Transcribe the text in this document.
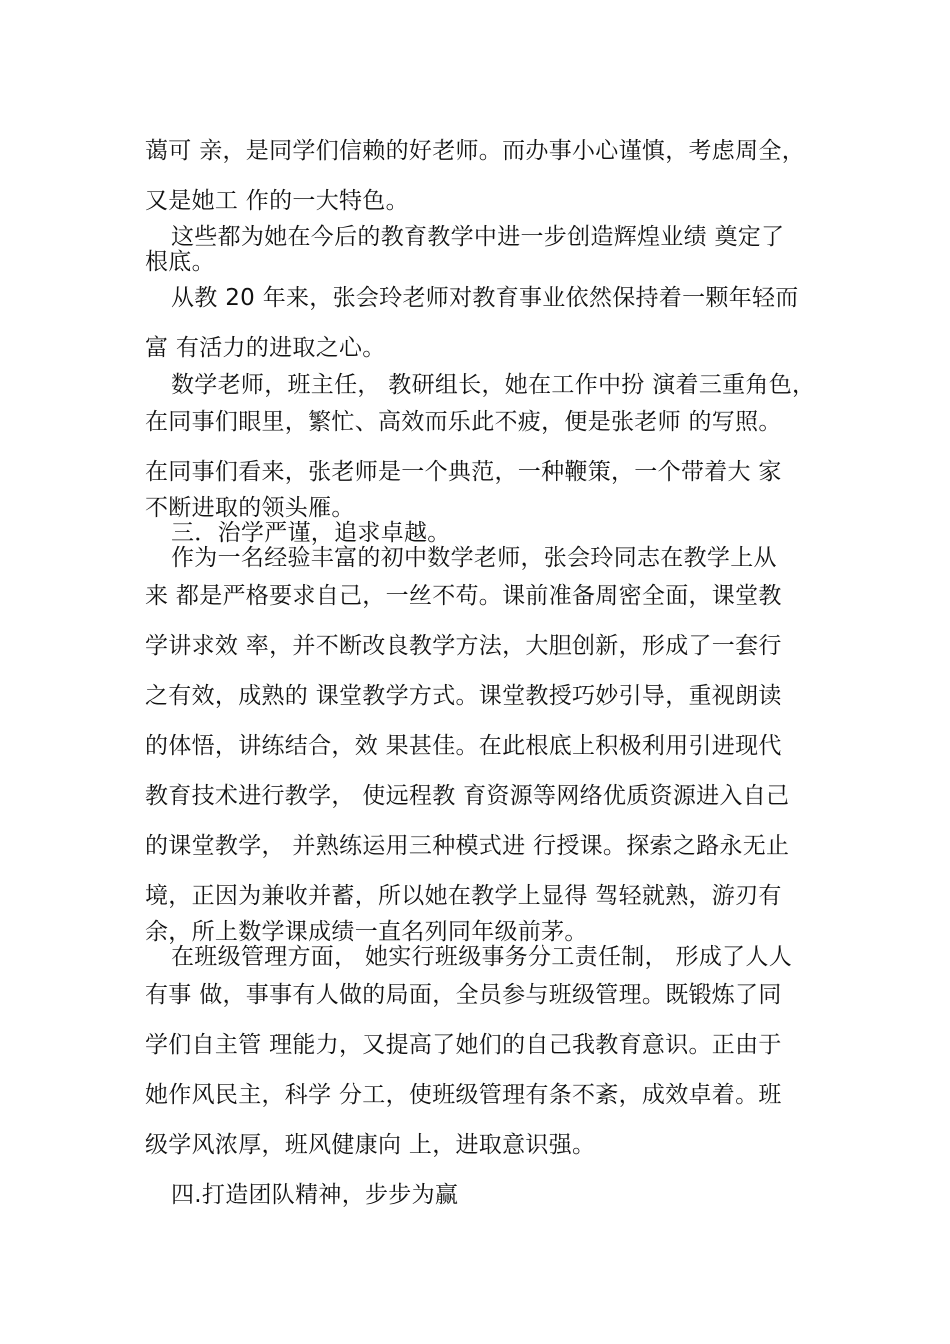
蔼可 亲，是同学们信赖的好老师。而办事小心谨慎，考虑周全，
又是她工 作的一大特色。
这些都为她在今后的教育教学中进一步创造辉煌业绩 奠定了
根底。
从教 20 年来，张会玲老师对教育事业依然保持着一颗年轻而
富 有活力的进取之心。
数学老师，班主任， 教研组长，她在工作中扮 演着三重角色，
在同事们眼里，繁忙、高效而乐此不疲，便是张老师 的写照。
在同事们看来，张老师是一个典范，一种鞭策，一个带着大 家
不断进取的领头雁。
三．治学严谨，追求卓越。
作为一名经验丰富的初中数学老师，张会玲同志在教学上从
来 都是严格要求自己，一丝不苟。课前准备周密全面，课堂教
学讲求效 率，并不断改良教学方法，大胆创新，形成了一套行
之有效，成熟的 课堂教学方式。课堂教授巧妙引导，重视朗读
的体悟，讲练结合，效 果甚佳。在此根底上积极利用引进现代
教育技术进行教学， 使远程教 育资源等网络优质资源进入自己
的课堂教学， 并熟练运用三种模式进 行授课。探索之路永无止
境，正因为兼收并蓄，所以她在教学上显得 驾轻就熟，游刃有
余，所上数学课成绩一直名列同年级前茅。
在班级管理方面， 她实行班级事务分工责任制， 形成了人人
有事 做，事事有人做的局面，全员参与班级管理。既锻炼了同
学们自主管 理能力，又提高了她们的自己我教育意识。正由于
她作风民主，科学 分工，使班级管理有条不紊，成效卓着。班
级学风浓厚，班风健康向 上，进取意识强。
四.打造团队精神，步步为赢
